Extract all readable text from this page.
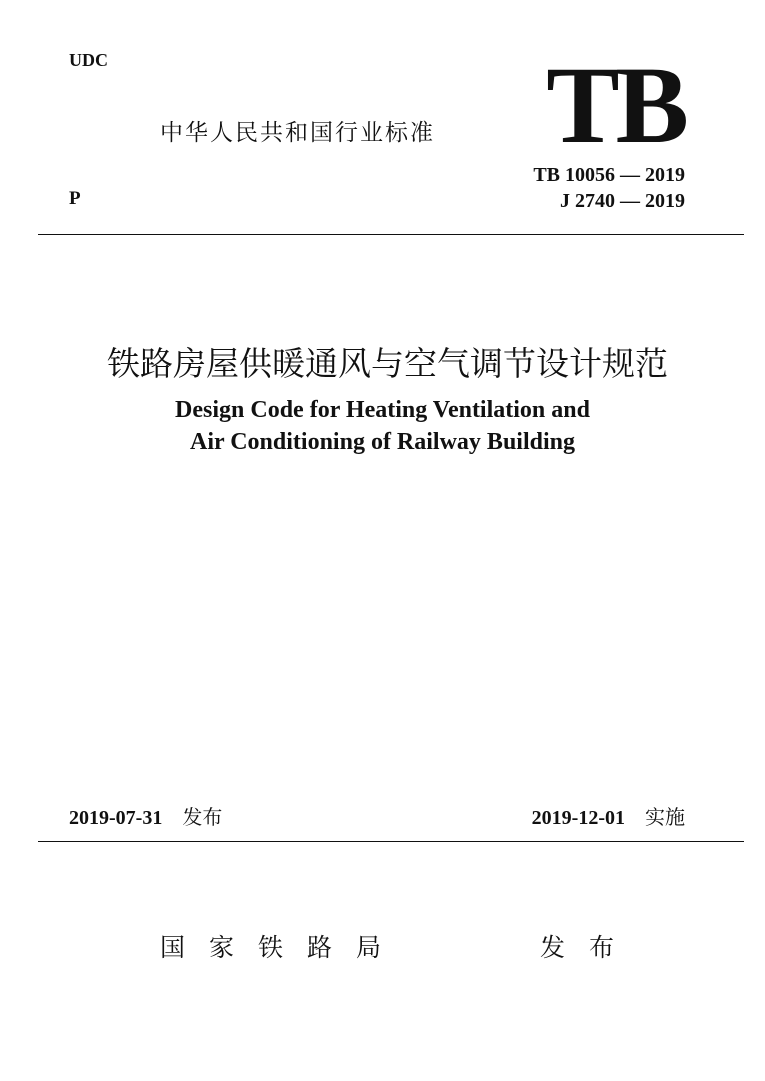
UDC
中华人民共和国行业标准 TB
TB 10056 — 2019
J 2740 — 2019
P
铁路房屋供暖通风与空气调节设计规范
Design Code for Heating Ventilation and
Air Conditioning of Railway Building
2019-07-31 发布	2019-12-01 实施
国家铁路局	发布
